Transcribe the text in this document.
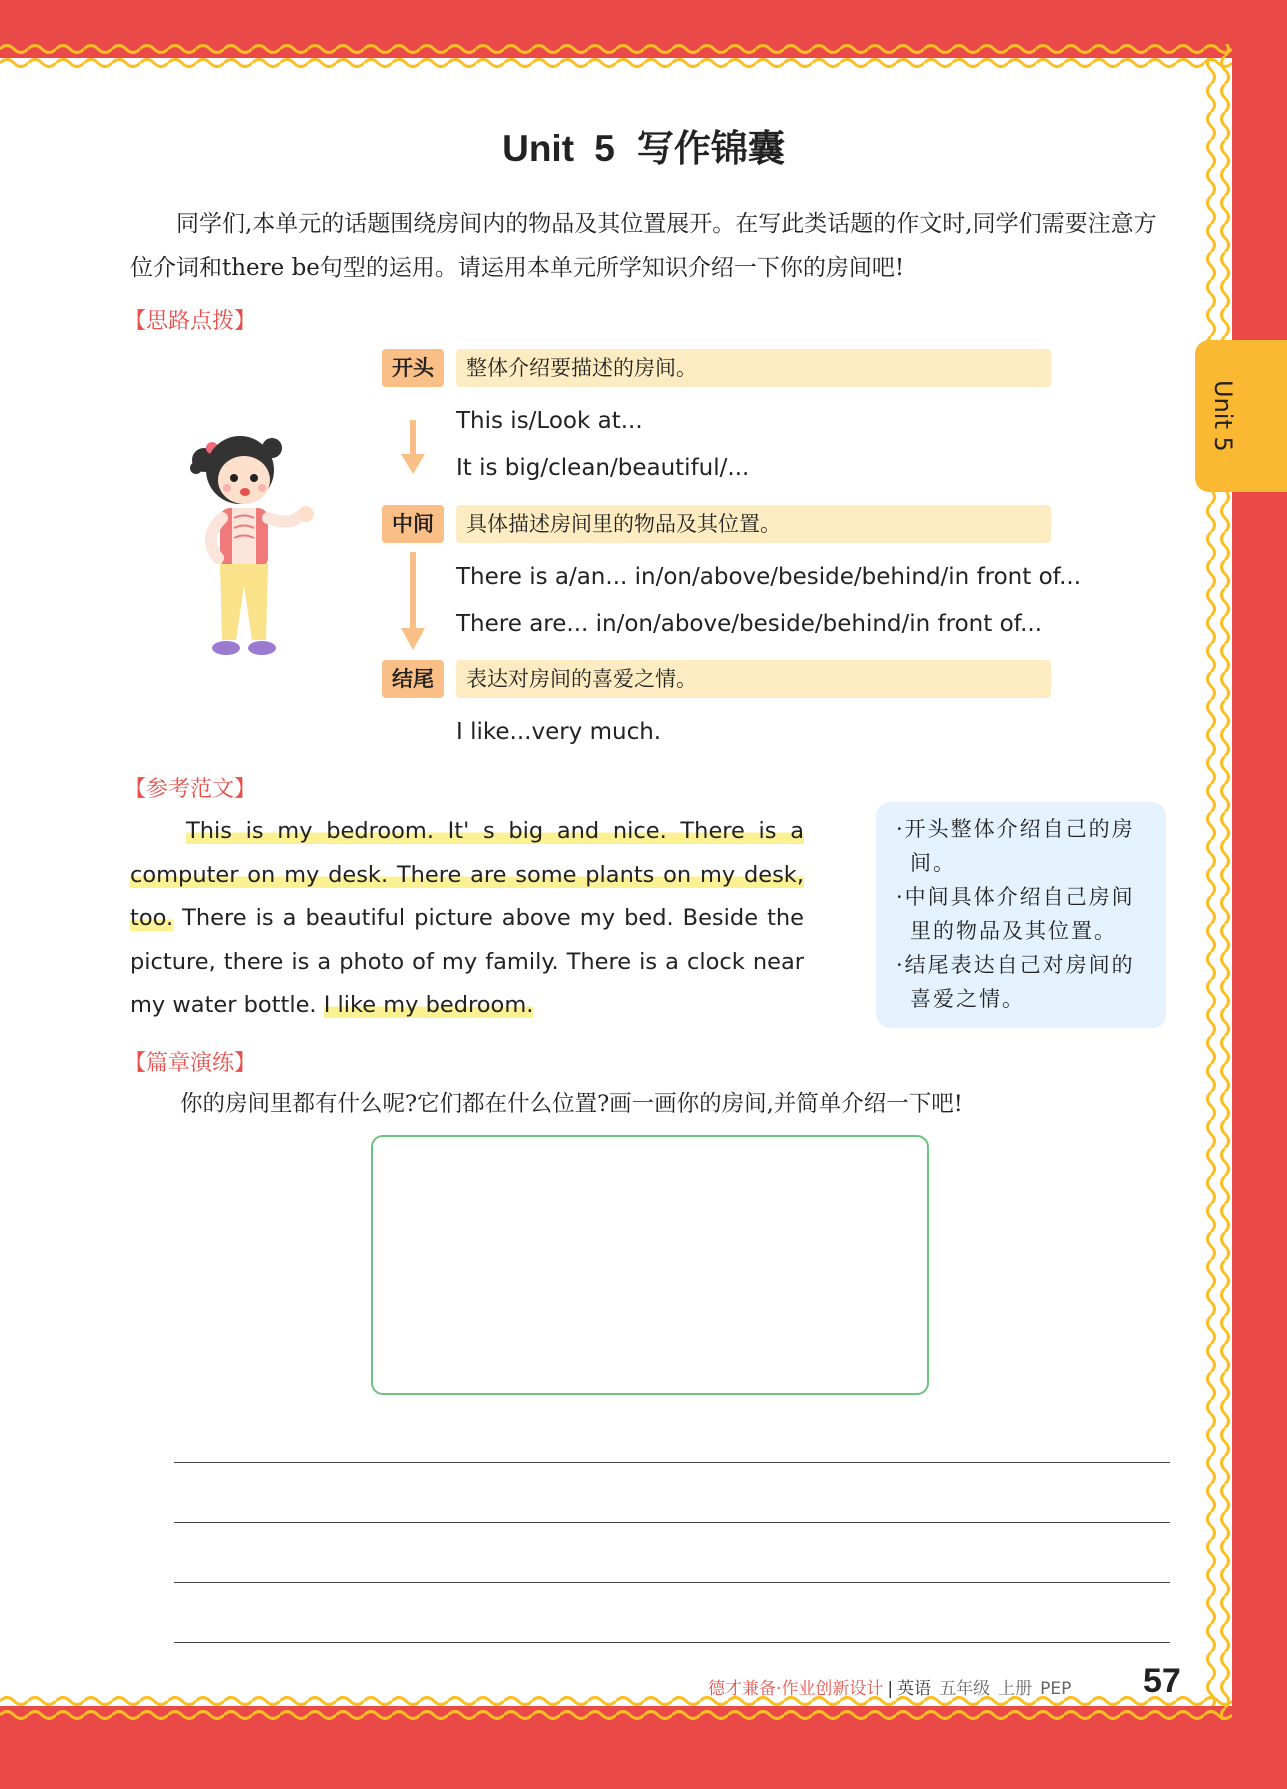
Unit 5
Unit 5 写作锦囊
同学们,本单元的话题围绕房间内的物品及其位置展开。在写此类话题的作文时,同学们需要注意方位介词和there be句型的运用。请运用本单元所学知识介绍一下你的房间吧!
【思路点拨】
开头	整体介绍要描述的房间。
This is/Look at...
It is big/clean/beautiful/...
中间	具体描述房间里的物品及其位置。
There is a/an... in/on/above/beside/behind/in front of...
There are... in/on/above/beside/behind/in front of...
结尾	表达对房间的喜爱之情。
I like...very much.
【参考范文】
This is my bedroom. It' s big and nice. There is a computer on my desk. There are some plants on my desk, too. There is a beautiful picture above my bed. Beside the picture, there is a photo of my family. There is a clock near my water bottle. I like my bedroom.
·开头整体介绍自己的房间。
·中间具体介绍自己房间里的物品及其位置。
·结尾表达自己对房间的喜爱之情。
【篇章演练】
你的房间里都有什么呢?它们都在什么位置?画一画你的房间,并简单介绍一下吧!
德才兼备·作业创新设计 | 英语 五年级 上册 PEP 57
